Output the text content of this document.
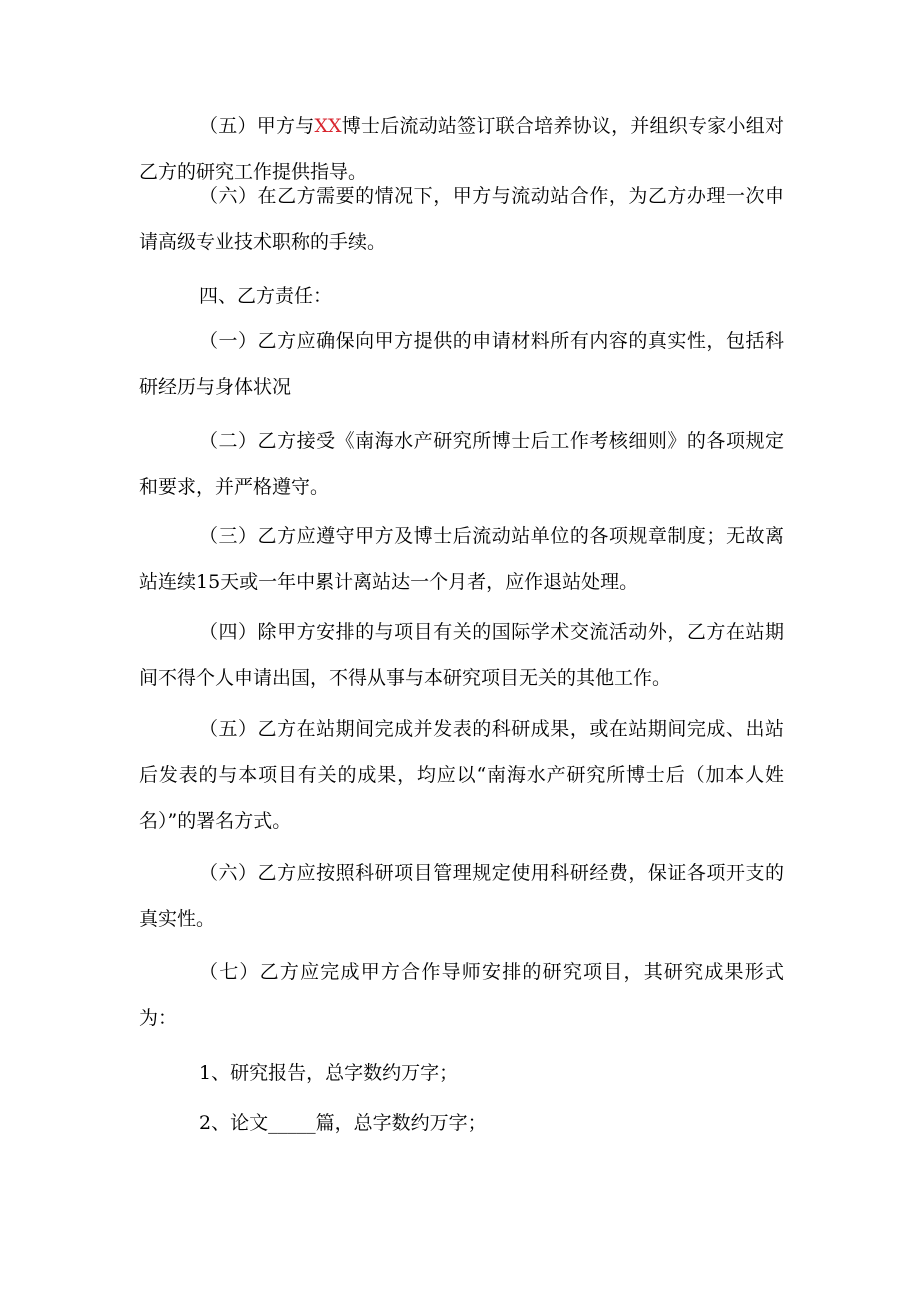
（五）甲方与XX博士后流动站签订联合培养协议，并组织专家小组对乙方的研究工作提供指导。

（六）在乙方需要的情况下，甲方与流动站合作，为乙方办理一次申请高级专业技术职称的手续。

四、乙方责任：

（一）乙方应确保向甲方提供的申请材料所有内容的真实性，包括科研经历与身体状况

（二）乙方接受《南海水产研究所博士后工作考核细则》的各项规定和要求，并严格遵守。

（三）乙方应遵守甲方及博士后流动站单位的各项规章制度；无故离站连续15天或一年中累计离站达一个月者，应作退站处理。

（四）除甲方安排的与项目有关的国际学术交流活动外，乙方在站期间不得个人申请出国，不得从事与本研究项目无关的其他工作。

（五）乙方在站期间完成并发表的科研成果，或在站期间完成、出站后发表的与本项目有关的成果，均应以“南海水产研究所博士后（加本人姓名）”的署名方式。

（六）乙方应按照科研项目管理规定使用科研经费，保证各项开支的真实性。

（七）乙方应完成甲方合作导师安排的研究项目，其研究成果形式为：

1、研究报告，总字数约万字；

2、论文_____篇，总字数约万字；
